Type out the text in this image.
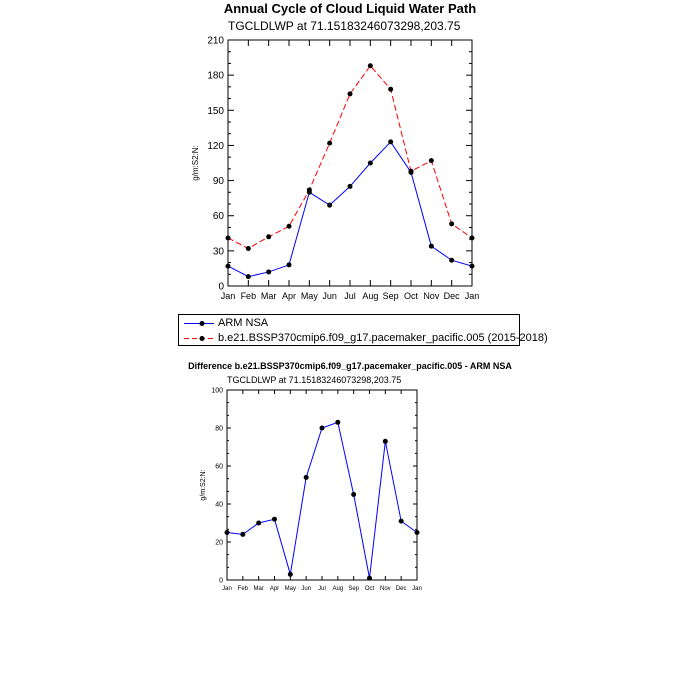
Annual Cycle of Cloud Liquid Water Path
TGCLDLWP at 71.15183246073298,203.75
Difference b.e21.BSSP370cmip6.f09_g17.pacemaker_pacific.005 - ARM NSA
TGCLDLWP at 71.15183246073298,203.75
Jan Feb Mar Apr May Jun Jul Aug Sep Oct Nov Dec Jan
0
30
60
90
120
150
180
210
g/m:S2:N:
Jan Feb Mar Apr May Jun Jul Aug Sep Oct Nov Dec Jan
0
20
40
60
80
100
g/m:S2:N:
ARM NSA
b.e21.BSSP370cmip6.f09_g17.pacemaker_pacific.005 (2015-2018)
